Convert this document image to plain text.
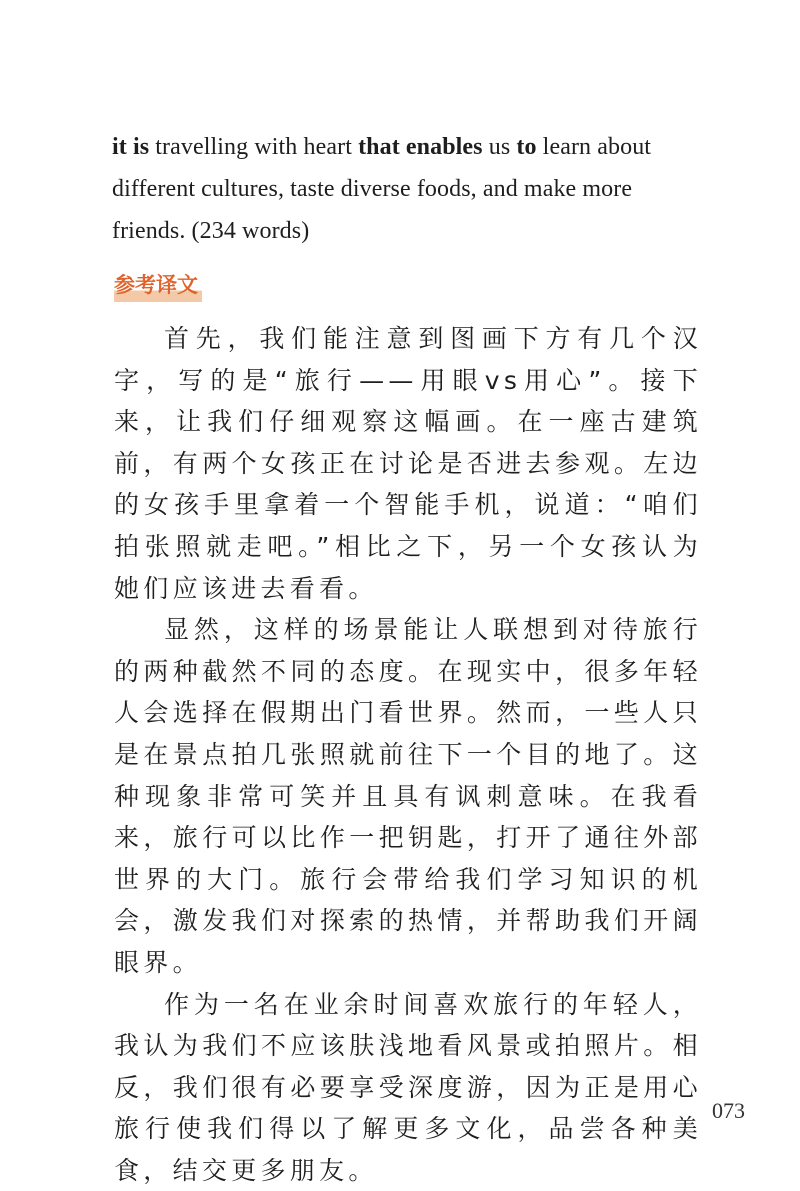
it is travelling with heart that enables us to learn about different cultures, taste diverse foods, and make more friends. (234 words)
参考译文

首先，我们能注意到图画下方有几个汉字，写的是“旅行——用眼vs用心”。接下来，让我们仔细观察这幅画。在一座古建筑前，有两个女孩正在讨论是否进去参观。左边的女孩手里拿着一个智能手机，说道：“咱们拍张照就走吧。”相比之下，另一个女孩认为她们应该进去看看。

显然，这样的场景能让人联想到对待旅行的两种截然不同的态度。在现实中，很多年轻人会选择在假期出门看世界。然而，一些人只是在景点拍几张照就前往下一个目的地了。这种现象非常可笑并且具有讽刺意味。在我看来，旅行可以比作一把钥匙，打开了通往外部世界的大门。旅行会带给我们学习知识的机会，激发我们对探索的热情，并帮助我们开阔眼界。

作为一名在业余时间喜欢旅行的年轻人，我认为我们不应该肤浅地看风景或拍照片。相反，我们很有必要享受深度游，因为正是用心旅行使我们得以了解更多文化，品尝各种美食，结交更多朋友。

073
